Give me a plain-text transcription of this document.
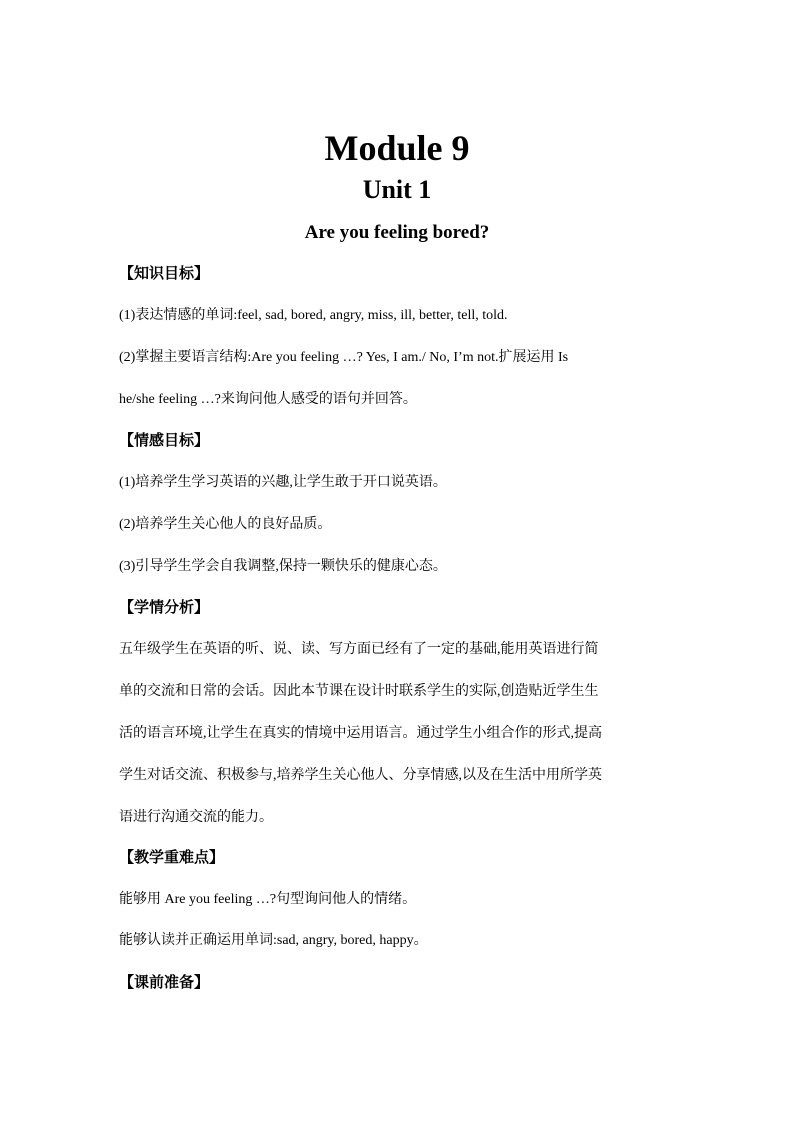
Module 9
Unit 1
Are you feeling bored?
【知识目标】
(1)表达情感的单词:feel, sad, bored, angry, miss, ill, better, tell, told.
(2)掌握主要语言结构:Are you feeling …? Yes, I am./ No, I’m not.扩展运用 Is
he/she feeling …?来询问他人感受的语句并回答。
【情感目标】
(1)培养学生学习英语的兴趣,让学生敢于开口说英语。
(2)培养学生关心他人的良好品质。
(3)引导学生学会自我调整,保持一颗快乐的健康心态。
【学情分析】
五年级学生在英语的听、说、读、写方面已经有了一定的基础,能用英语进行简
单的交流和日常的会话。因此本节课在设计时联系学生的实际,创造贴近学生生
活的语言环境,让学生在真实的情境中运用语言。通过学生小组合作的形式,提高
学生对话交流、积极参与,培养学生关心他人、分享情感,以及在生活中用所学英
语进行沟通交流的能力。
【教学重难点】
能够用 Are you feeling …?句型询问他人的情绪。
能够认读并正确运用单词:sad, angry, bored, happy。
【课前准备】
